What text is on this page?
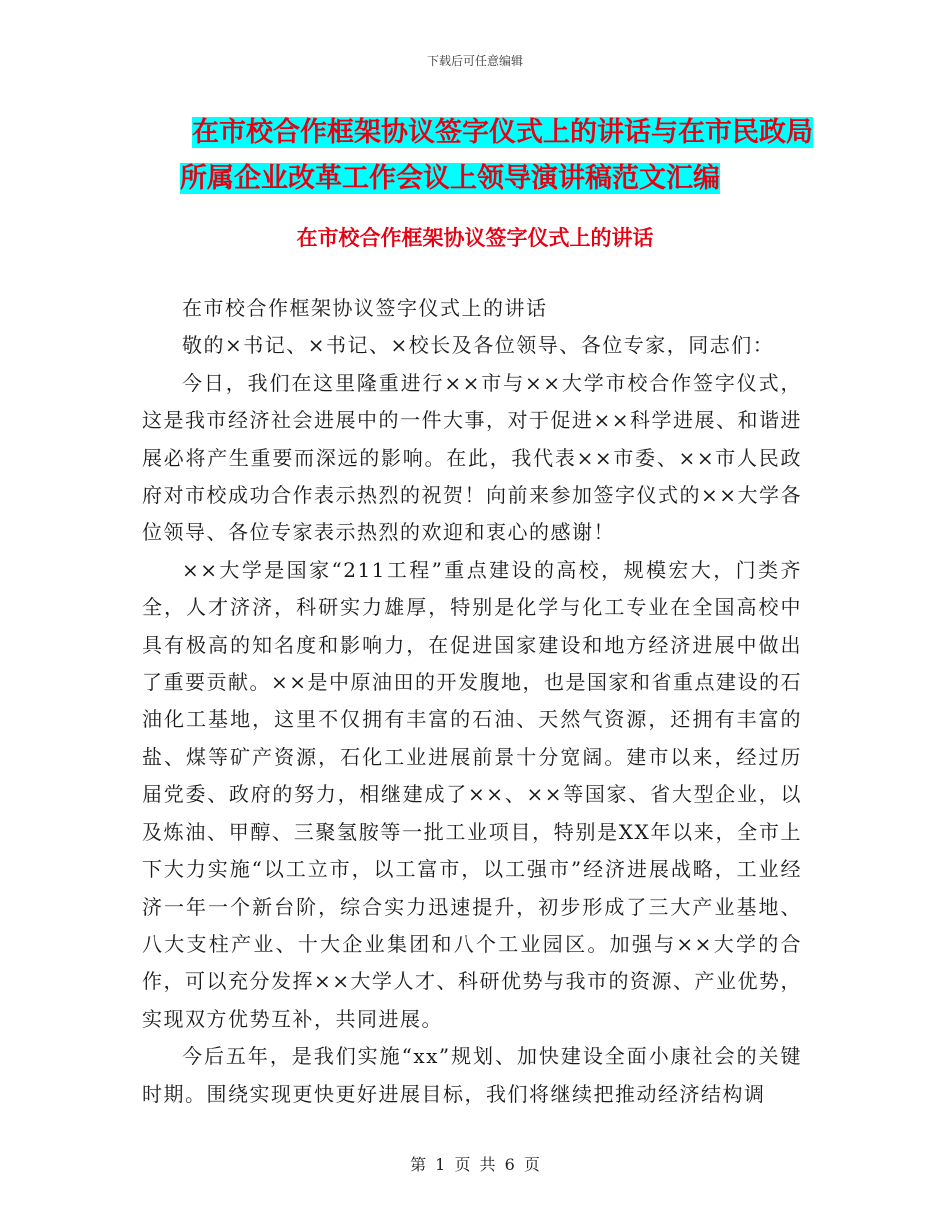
下载后可任意编辑
在市校合作框架协议签字仪式上的讲话与在市民政局
所属企业改革工作会议上领导演讲稿范文汇编
在市校合作框架协议签字仪式上的讲话

在市校合作框架协议签字仪式上的讲话

敬的×书记、×书记、×校长及各位领导、各位专家，同志们：

今日，我们在这里隆重进行××市与××大学市校合作签字仪式，这是我市经济社会进展中的一件大事，对于促进××科学进展、和谐进展必将产生重要而深远的影响。在此，我代表××市委、××市人民政府对市校成功合作表示热烈的祝贺！向前来参加签字仪式的××大学各位领导、各位专家表示热烈的欢迎和衷心的感谢！

××大学是国家“211工程”重点建设的高校，规模宏大，门类齐全，人才济济，科研实力雄厚，特别是化学与化工专业在全国高校中具有极高的知名度和影响力，在促进国家建设和地方经济进展中做出了重要贡献。××是中原油田的开发腹地，也是国家和省重点建设的石油化工基地，这里不仅拥有丰富的石油、天然气资源，还拥有丰富的盐、煤等矿产资源，石化工业进展前景十分宽阔。建市以来，经过历届党委、政府的努力，相继建成了××、××等国家、省大型企业，以及炼油、甲醇、三聚氢胺等一批工业项目，特别是XX年以来，全市上下大力实施“以工立市，以工富市，以工强市”经济进展战略，工业经济一年一个新台阶，综合实力迅速提升，初步形成了三大产业基地、八大支柱产业、十大企业集团和八个工业园区。加强与××大学的合作，可以充分发挥××大学人才、科研优势与我市的资源、产业优势，实现双方优势互补，共同进展。

今后五年，是我们实施“xx”规划、加快建设全面小康社会的关键时期。围绕实现更快更好进展目标，我们将继续把推动经济结构调

第 1 页 共 6 页
